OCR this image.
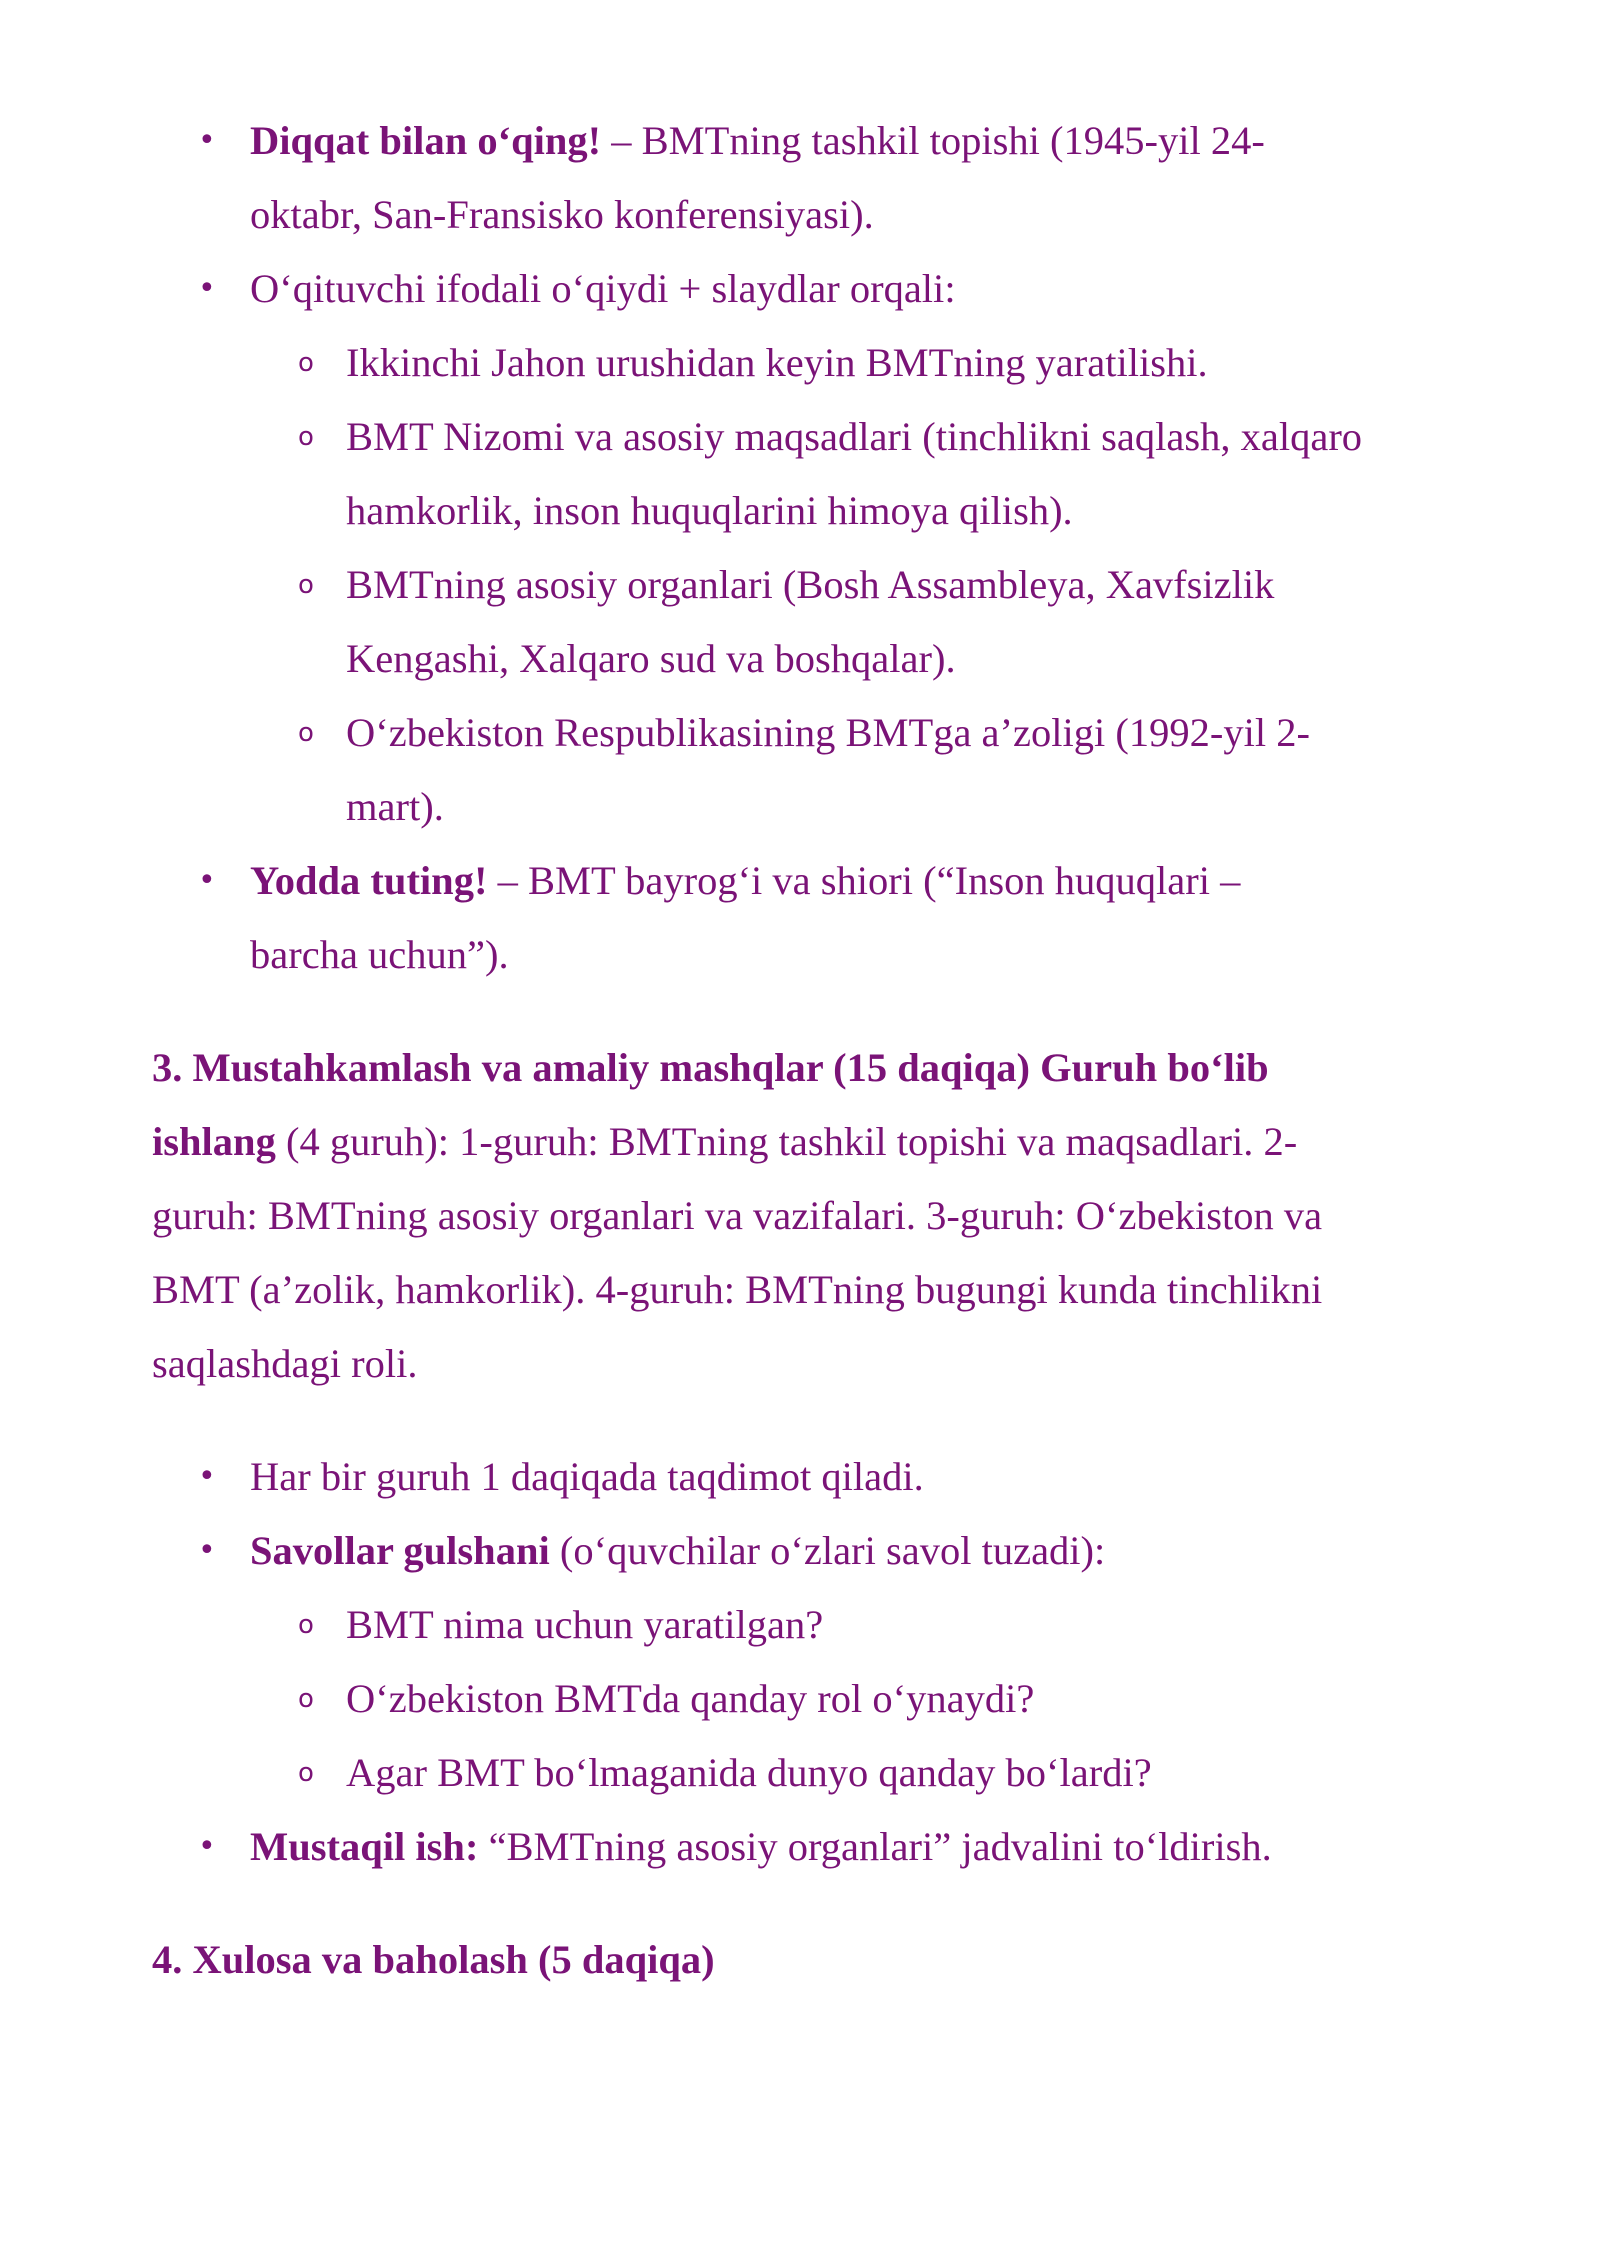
• Diqqat bilan o‘qing! – BMTning tashkil topishi (1945-yil 24-
oktabr, San-Fransisko konferensiyasi).
• O‘qituvchi ifodali o‘qiydi + slaydlar orqali:
o Ikkinchi Jahon urushidan keyin BMTning yaratilishi.
o BMT Nizomi va asosiy maqsadlari (tinchlikni saqlash, xalqaro
hamkorlik, inson huquqlarini himoya qilish).
o BMTning asosiy organlari (Bosh Assambleya, Xavfsizlik
Kengashi, Xalqaro sud va boshqalar).
o O‘zbekiston Respublikasining BMTga a’zoligi (1992-yil 2-
mart).
• Yodda tuting! – BMT bayrog‘i va shiori (“Inson huquqlari –
barcha uchun”).
3. Mustahkamlash va amaliy mashqlar (15 daqiqa) Guruh bo‘lib
ishlang (4 guruh): 1-guruh: BMTning tashkil topishi va maqsadlari. 2-
guruh: BMTning asosiy organlari va vazifalari. 3-guruh: O‘zbekiston va
BMT (a’zolik, hamkorlik). 4-guruh: BMTning bugungi kunda tinchlikni
saqlashdagi roli.
• Har bir guruh 1 daqiqada taqdimot qiladi.
• Savollar gulshani (o‘quvchilar o‘zlari savol tuzadi):
o BMT nima uchun yaratilgan?
o O‘zbekiston BMTda qanday rol o‘ynaydi?
o Agar BMT bo‘lmaganida dunyo qanday bo‘lardi?
• Mustaqil ish: “BMTning asosiy organlari” jadvalini to‘ldirish.
4. Xulosa va baholash (5 daqiqa)
